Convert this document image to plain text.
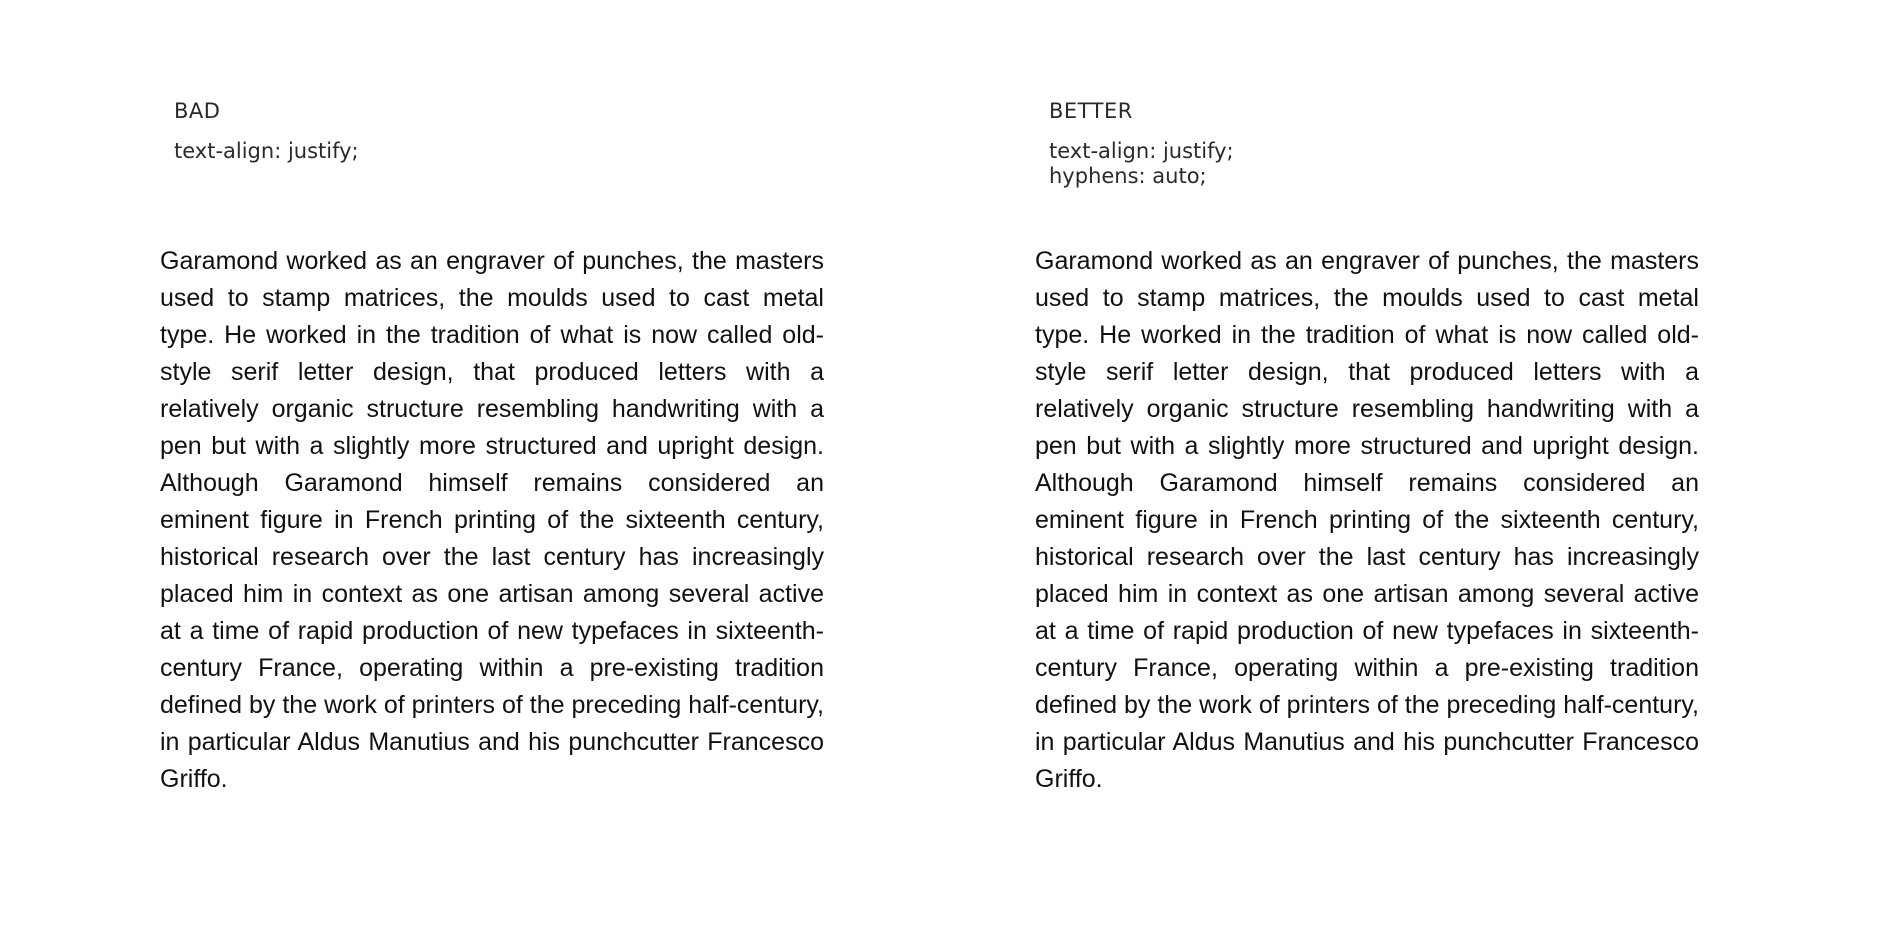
BAD
text-align: justify;

Garamond worked as an engraver of punches, the masters used to stamp matrices, the moulds used to cast metal type. He worked in the tradition of what is now called old-style serif letter design, that produced letters with a relatively organic structure resembling handwriting with a pen but with a slightly more structured and upright design. Although Garamond himself remains considered an eminent figure in French printing of the sixteenth century, historical research over the last century has increasingly placed him in context as one artisan among several active at a time of rapid production of new typefaces in sixteenth-century France, operating within a pre-existing tradition defined by the work of printers of the preceding half-century, in particular Aldus Manutius and his punchcutter Francesco Griffo.

BETTER
text-align: justify;
hyphens: auto;

Garamond worked as an engraver of punches, the masters used to stamp matrices, the moulds used to cast metal type. He worked in the tradition of what is now called old-style serif letter design, that produced letters with a relatively organic structure resembling handwriting with a pen but with a slightly more structured and upright design. Although Garamond himself remains considered an eminent figure in French printing of the sixteenth century, historical research over the last century has increasingly placed him in context as one artisan among several active at a time of rapid production of new typefaces in sixteenth-century France, operating within a pre-existing tradition defined by the work of printers of the preceding half-century, in particular Aldus Manutius and his punchcutter Francesco Griffo.
